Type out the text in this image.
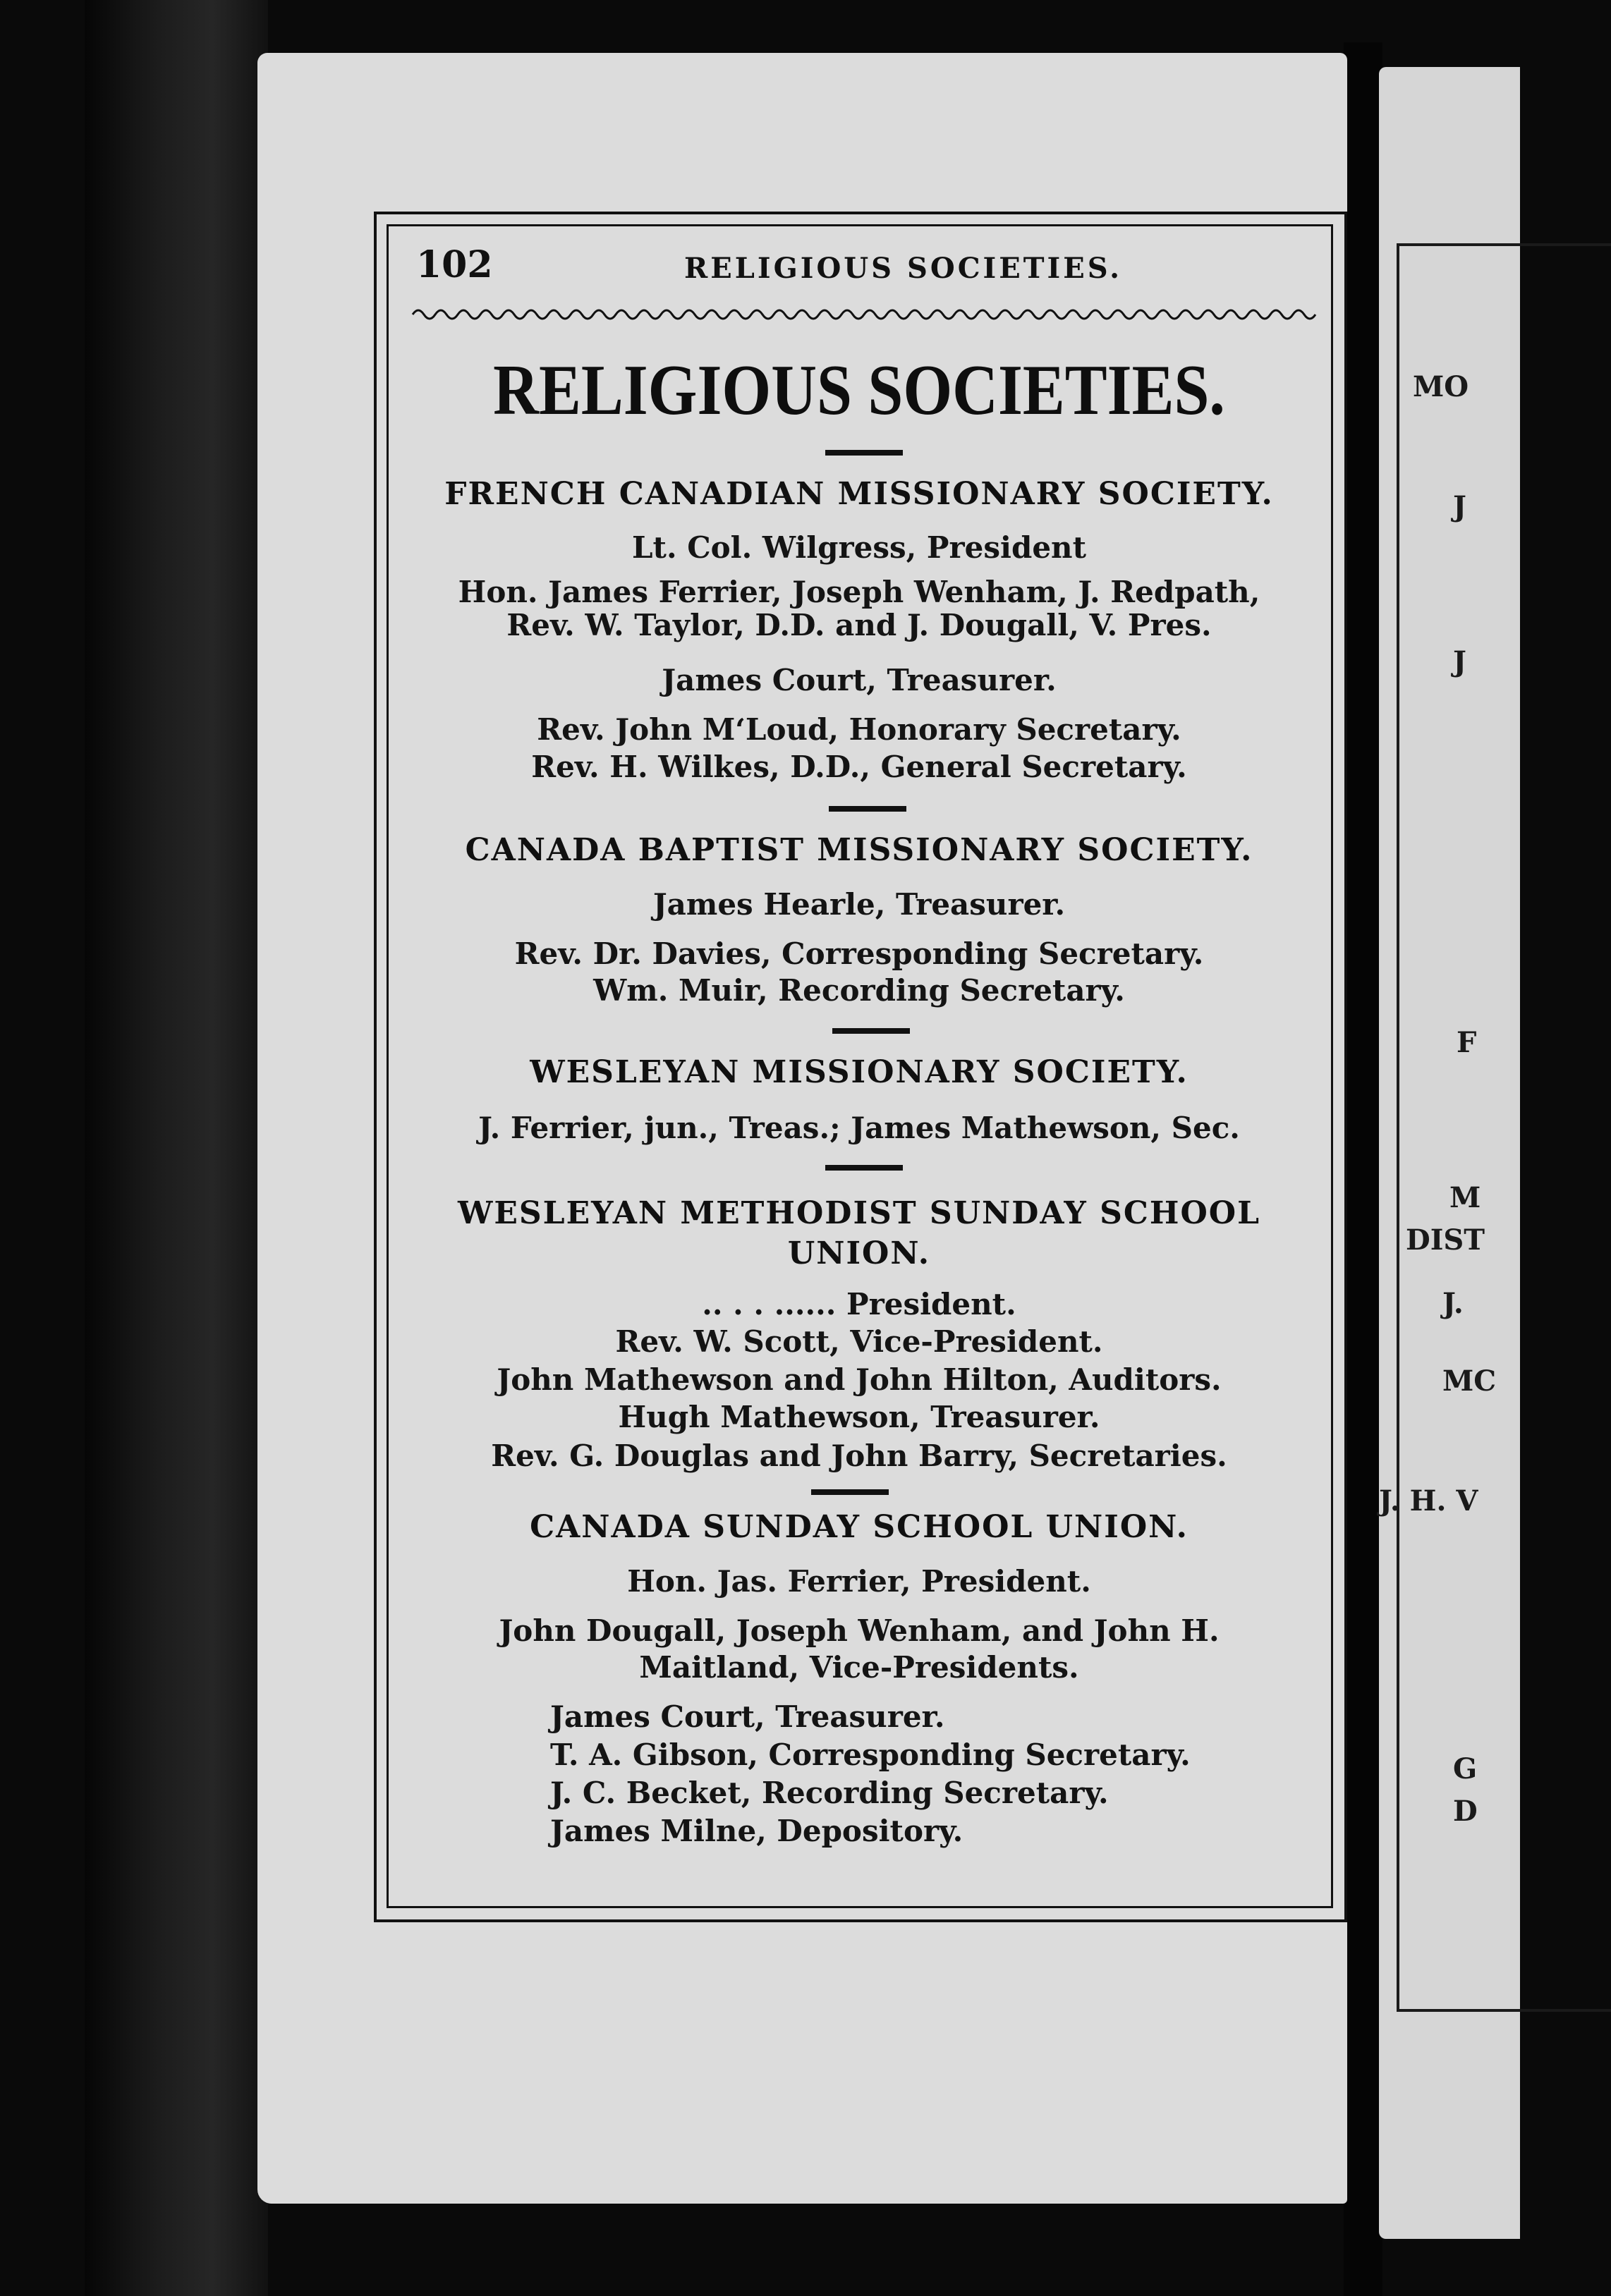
MO
J
J
F
M
DIST
J.
MC
J. H. V
G
D
102	RELIGIOUS SOCIETIES.
RELIGIOUS SOCIETIES.
FRENCH CANADIAN MISSIONARY SOCIETY.
Lt. Col. Wilgress, President
Hon. James Ferrier, Joseph Wenham, J. Redpath,
Rev. W. Taylor, D.D. and J. Dougall, V. Pres.
James Court, Treasurer.
Rev. John M‘Loud, Honorary Secretary.
Rev. H. Wilkes, D.D., General Secretary.
CANADA BAPTIST MISSIONARY SOCIETY.
James Hearle, Treasurer.
Rev. Dr. Davies, Corresponding Secretary.
Wm. Muir, Recording Secretary.
WESLEYAN MISSIONARY SOCIETY.
J. Ferrier, jun., Treas.; James Mathewson, Sec.
WESLEYAN METHODIST SUNDAY SCHOOL
UNION.
.. . . ...... President.
Rev. W. Scott, Vice-President.
John Mathewson and John Hilton, Auditors.
Hugh Mathewson, Treasurer.
Rev. G. Douglas and John Barry, Secretaries.
CANADA SUNDAY SCHOOL UNION.
Hon. Jas. Ferrier, President.
John Dougall, Joseph Wenham, and John H.
Maitland, Vice-Presidents.
James Court, Treasurer.
T. A. Gibson, Corresponding Secretary.
J. C. Becket, Recording Secretary.
James Milne, Depository.
